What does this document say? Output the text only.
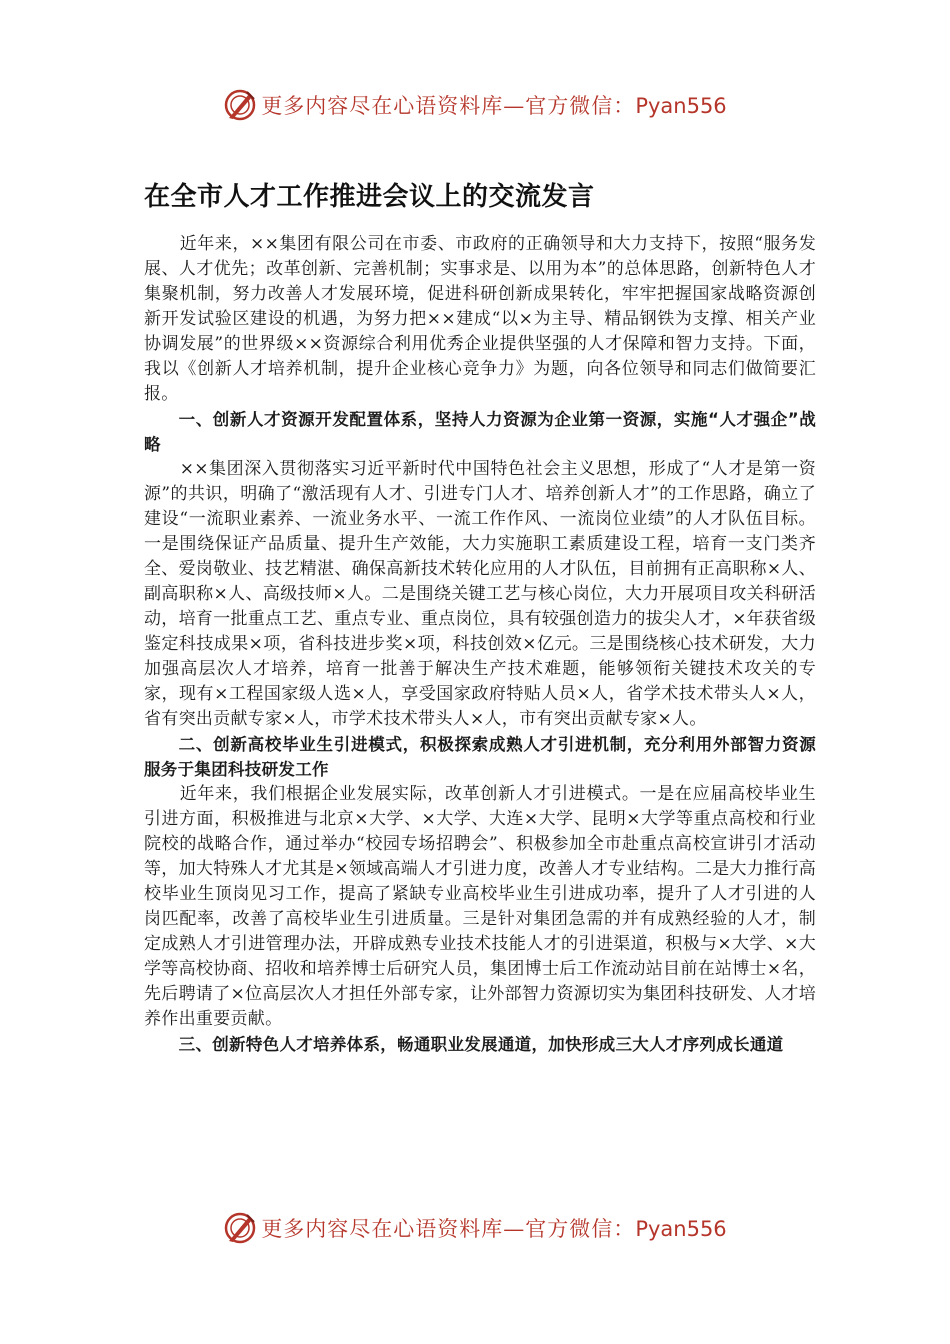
更多内容尽在心语资料库—官方微信：Pyan556
在全市人才工作推进会议上的交流发言

近年来，××集团有限公司在市委、市政府的正确领导和大力支持下，按照“服务发展、人才优先；改革创新、完善机制；实事求是、以用为本”的总体思路，创新特色人才集聚机制，努力改善人才发展环境，促进科研创新成果转化，牢牢把握国家战略资源创新开发试验区建设的机遇，为努力把××建成“以×为主导、精品钢铁为支撑、相关产业协调发展”的世界级××资源综合利用优秀企业提供坚强的人才保障和智力支持。下面，我以《创新人才培养机制，提升企业核心竞争力》为题，向各位领导和同志们做简要汇报。

一、创新人才资源开发配置体系，坚持人力资源为企业第一资源，实施“人才强企”战略

××集团深入贯彻落实习近平新时代中国特色社会主义思想，形成了“人才是第一资源”的共识，明确了“激活现有人才、引进专门人才、培养创新人才”的工作思路，确立了建设“一流职业素养、一流业务水平、一流工作作风、一流岗位业绩”的人才队伍目标。一是围绕保证产品质量、提升生产效能，大力实施职工素质建设工程，培育一支门类齐全、爱岗敬业、技艺精湛、确保高新技术转化应用的人才队伍，目前拥有正高职称×人、副高职称×人、高级技师×人。二是围绕关键工艺与核心岗位，大力开展项目攻关科研活动，培育一批重点工艺、重点专业、重点岗位，具有较强创造力的拔尖人才，×年获省级鉴定科技成果×项，省科技进步奖×项，科技创效×亿元。三是围绕核心技术研发，大力加强高层次人才培养，培育一批善于解决生产技术难题，能够领衔关键技术攻关的专家，现有×工程国家级人选×人，享受国家政府特贴人员×人，省学术技术带头人×人，省有突出贡献专家×人，市学术技术带头人×人，市有突出贡献专家×人。

二、创新高校毕业生引进模式，积极探索成熟人才引进机制，充分利用外部智力资源服务于集团科技研发工作

近年来，我们根据企业发展实际，改革创新人才引进模式。一是在应届高校毕业生引进方面，积极推进与北京×大学、×大学、大连×大学、昆明×大学等重点高校和行业院校的战略合作，通过举办“校园专场招聘会”、积极参加全市赴重点高校宣讲引才活动等，加大特殊人才尤其是×领域高端人才引进力度，改善人才专业结构。二是大力推行高校毕业生顶岗见习工作，提高了紧缺专业高校毕业生引进成功率，提升了人才引进的人岗匹配率，改善了高校毕业生引进质量。三是针对集团急需的并有成熟经验的人才，制定成熟人才引进管理办法，开辟成熟专业技术技能人才的引进渠道，积极与×大学、×大学等高校协商、招收和培养博士后研究人员，集团博士后工作流动站目前在站博士×名，先后聘请了×位高层次人才担任外部专家，让外部智力资源切实为集团科技研发、人才培养作出重要贡献。

三、创新特色人才培养体系，畅通职业发展通道，加快形成三大人才序列成长通道

更多内容尽在心语资料库—官方微信：Pyan556
